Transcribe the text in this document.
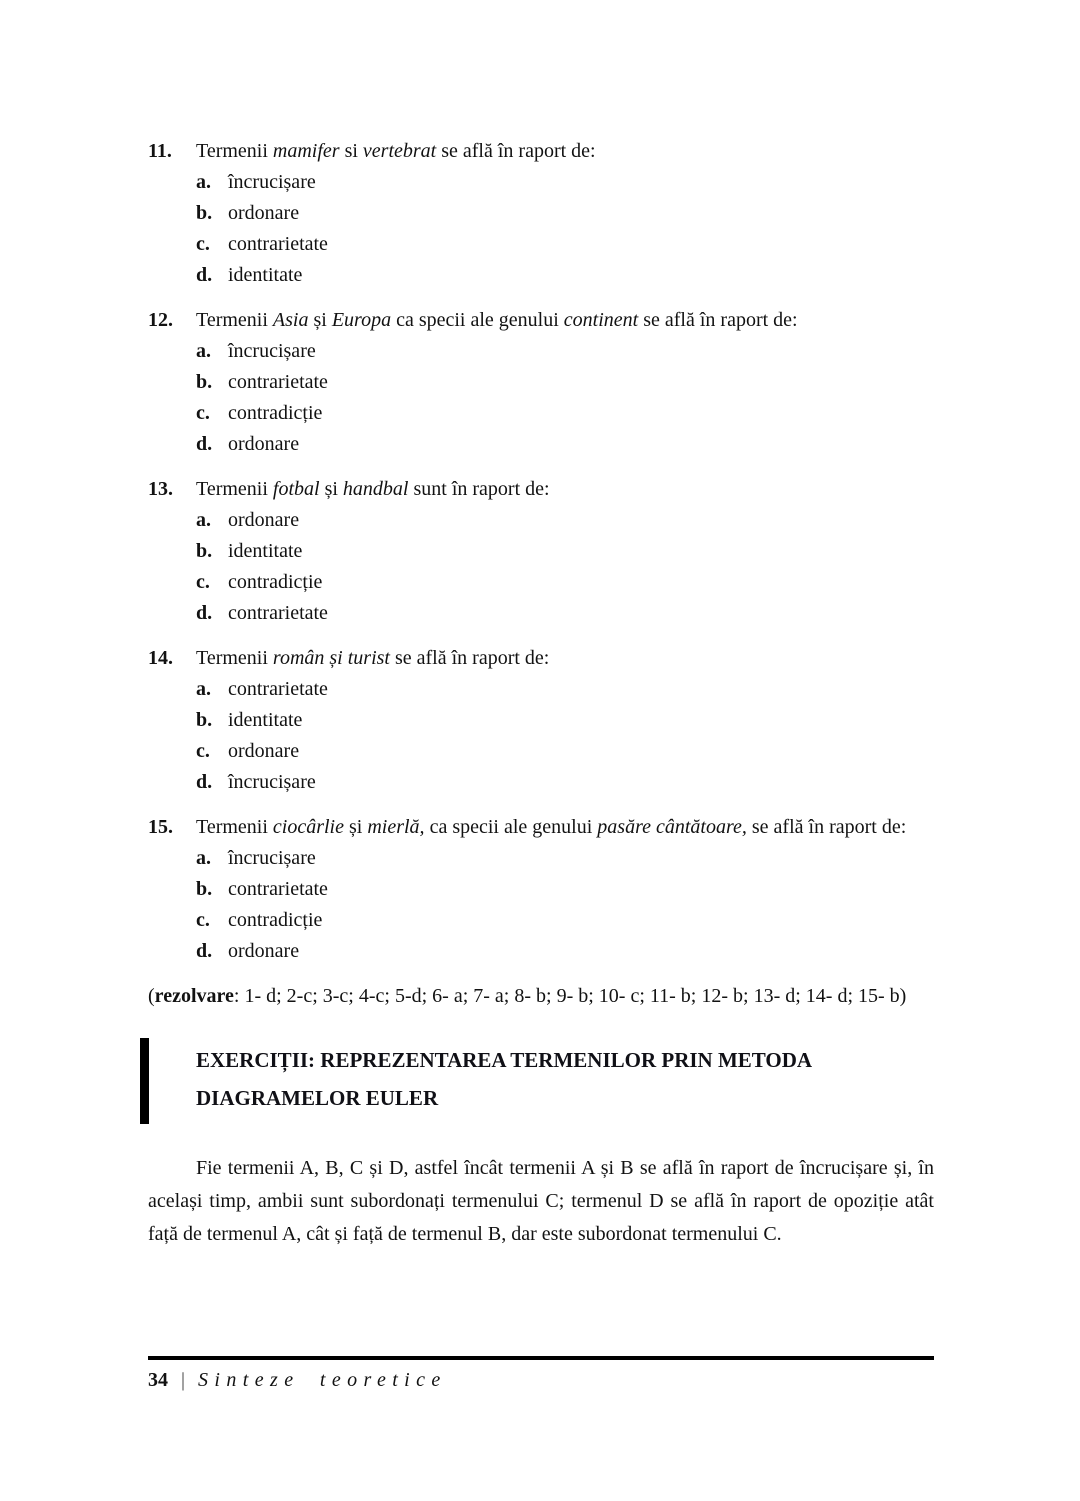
11.	Termenii mamifer si vertebrat se află în raport de:
a. încrucișare
b. ordonare
c. contrarietate
d. identitate
12.	Termenii Asia și Europa ca specii ale genului continent se află în raport de:
a. încrucișare
b. contrarietate
c. contradicție
d. ordonare
13.	Termenii fotbal și handbal sunt în raport de:
a. ordonare
b. identitate
c. contradicție
d. contrarietate
14.	Termenii român și turist se află în raport de:
a. contrarietate
b. identitate
c. ordonare
d. încrucișare
15.	Termenii ciocârlie și mierlă, ca specii ale genului pasăre cântătoare, se află în raport de:
a. încrucișare
b. contrarietate
c. contradicție
d. ordonare

(rezolvare: 1- d; 2-c; 3-c; 4-c; 5-d; 6- a; 7- a; 8- b; 9- b; 10- c; 11- b; 12- b; 13- d; 14- d; 15- b)

EXERCIȚII: REPREZENTAREA TERMENILOR PRIN METODA DIAGRAMELOR EULER

Fie termenii A, B, C și D, astfel încât termenii A și B se află în raport de încrucișare și, în același timp, ambii sunt subordonați termenului C; termenul D se află în raport de opoziție atât față de termenul A, cât și față de termenul B, dar este subordonat termenului C.

34 | Sinteze teoretice
